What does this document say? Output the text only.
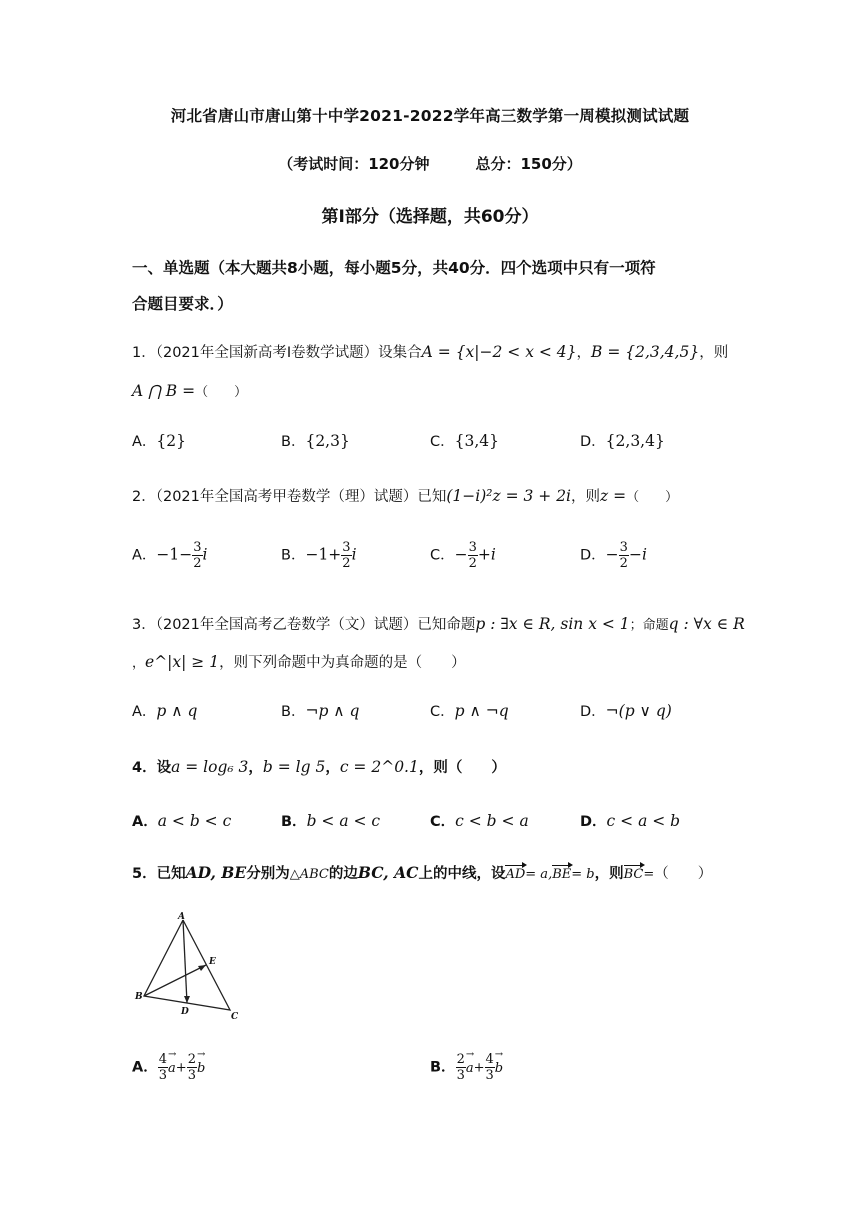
河北省唐山市唐山第十中学2021-2022学年高三数学第一周模拟测试试题
（考试时间：120分钟	总分：150分）
第Ⅰ部分（选择题，共60分）
一、单选题（本大题共8小题，每小题5分，共40分．四个选项中只有一项符
合题目要求．）
1．（2021年全国新高考Ⅰ卷数学试题）设集合A = {x|−2 < x < 4}，B = {2,3,4,5}，则
A ⋂ B =（　　）
A．{2}	B．{2,3}	C．{3,4}	D．{2,3,4}
2．（2021年全国高考甲卷数学（理）试题）已知(1−i)²z = 3 + 2i，则z =（　　）
A．$-1- \frac{3}{2}$ i	B．$-1+ \frac{3}{2}$ i	C．− $\frac{3}{2} +i$	D．− $\frac{3}{2} -i$
3．（2021年全国高考乙卷数学（文）试题）已知命题p : ∃x ∈ R, sin x < 1；命题q : ∀x ∈ R
，e^|x| ≥ 1，则下列命题中为真命题的是（　　）
A．p ∧ q	B．¬p ∧ q	C．p ∧ ¬q	D．¬(p ∨ q)
4．设a = log₆ 3，b = lg 5，c = 2^0.1，则（　　）
A．a < b < c	B．b < a < c	C．c < b < a	D．c < a < b
5．已知AD, BE分别为△ABC的边BC, AC上的中线，设AD= a,BE= b，则BC=（　　）
A
B
C
D
E
A． $\frac{4}{3}$
→ $a+ \frac{2}{3}$
→ b	B． $\frac{2}{3}$
→ $a+ \frac{4}{3}$
→ b
